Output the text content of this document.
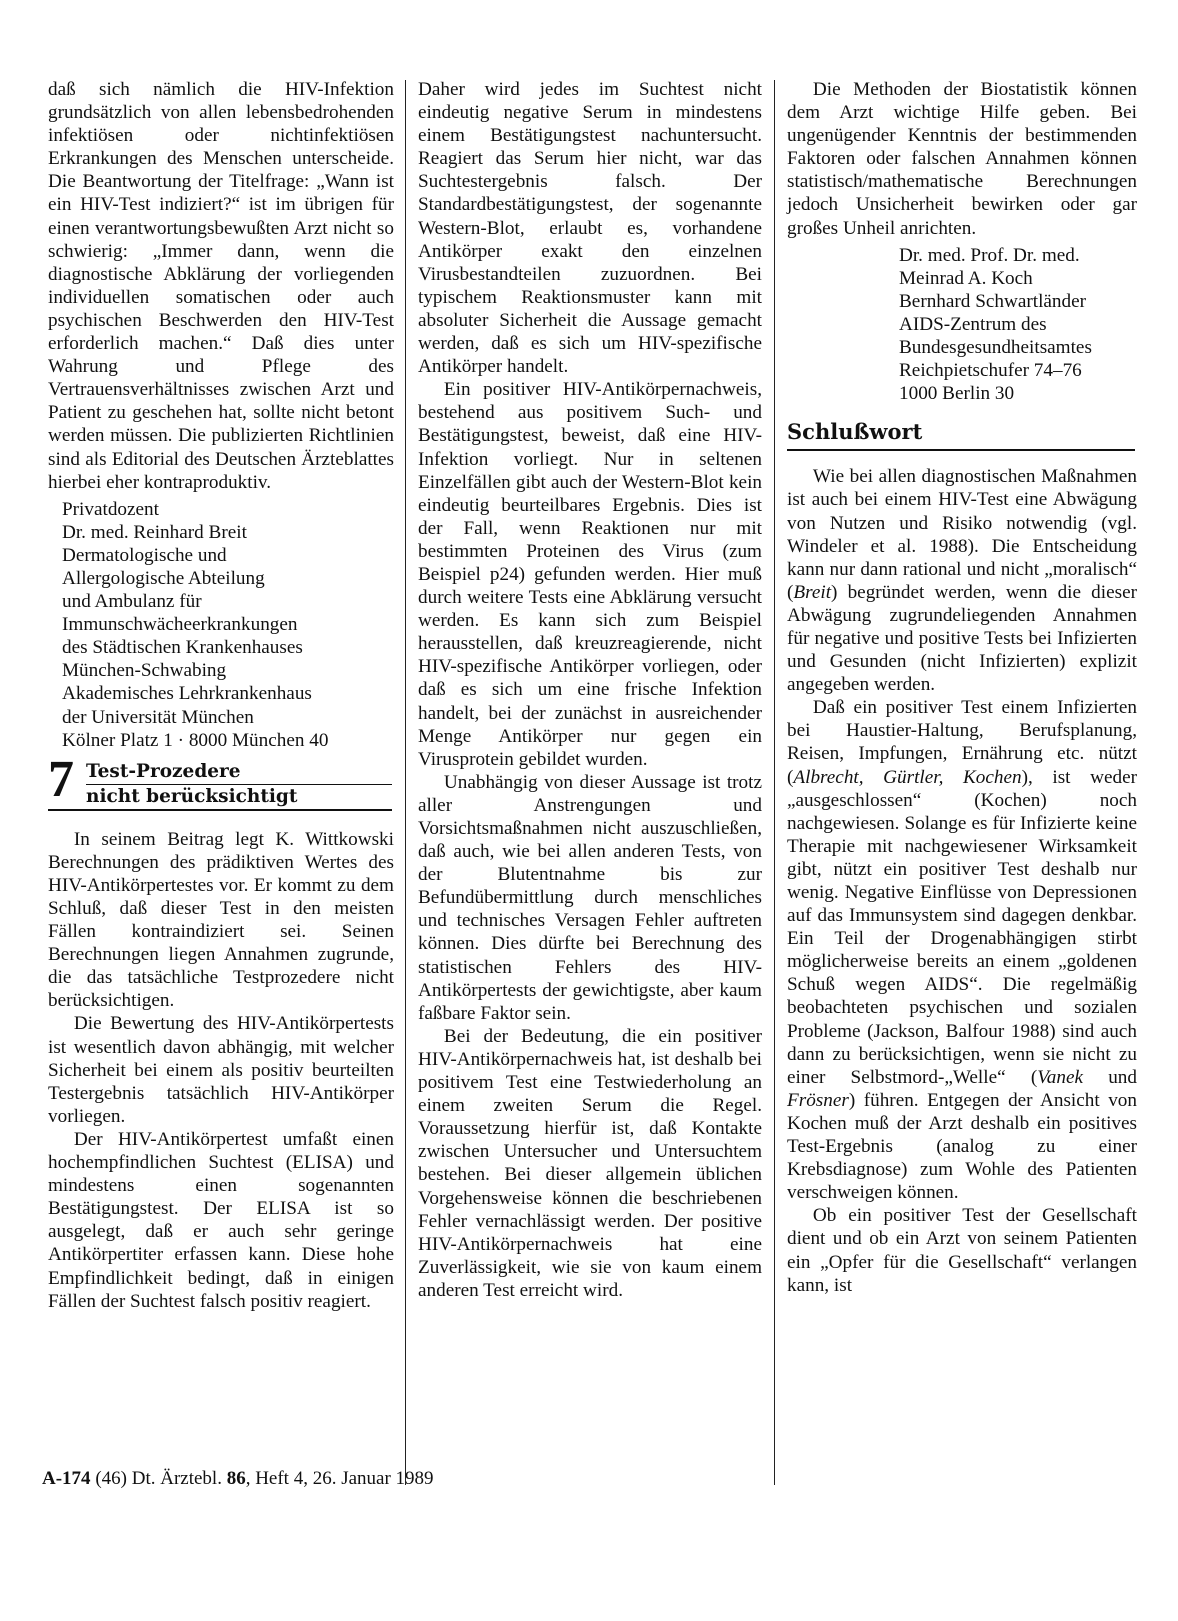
daß sich nämlich die HIV-Infektion grundsätzlich von allen lebensbedrohenden infektiösen oder nichtinfektiösen Erkrankungen des Menschen unterscheide. Die Beantwortung der Titelfrage: „Wann ist ein HIV-Test indiziert?“ ist im übrigen für einen verantwortungsbewußten Arzt nicht so schwierig: „Immer dann, wenn die diagnostische Abklärung der vorliegenden individuellen somatischen oder auch psychischen Beschwerden den HIV-Test erforderlich machen.“ Daß dies unter Wahrung und Pflege des Vertrauensverhältnisses zwischen Arzt und Patient zu geschehen hat, sollte nicht betont werden müssen. Die publizierten Richtlinien sind als Editorial des Deutschen Ärzteblattes hierbei eher kontraproduktiv.

Privatdozent
Dr. med. Reinhard Breit
Dermatologische und
Allergologische Abteilung
und Ambulanz für
Immunschwächeerkrankungen
des Städtischen Krankenhauses
München-Schwabing
Akademisches Lehrkrankenhaus
der Universität München
Kölner Platz 1 · 8000 München 40
7 Test-Prozedere
nicht berücksichtigt

In seinem Beitrag legt K. Wittkowski Berechnungen des prädiktiven Wertes des HIV-Antikörpertestes vor. Er kommt zu dem Schluß, daß dieser Test in den meisten Fällen kontraindiziert sei. Seinen Berechnungen liegen Annahmen zugrunde, die das tatsächliche Testprozedere nicht berücksichtigen.

Die Bewertung des HIV-Antikörpertests ist wesentlich davon abhängig, mit welcher Sicherheit bei einem als positiv beurteilten Testergebnis tatsächlich HIV-Antikörper vorliegen.

Der HIV-Antikörpertest umfaßt einen hochempfindlichen Suchtest (ELISA) und mindestens einen sogenannten Bestätigungstest. Der ELISA ist so ausgelegt, daß er auch sehr geringe Antikörpertiter erfassen kann. Diese hohe Empfindlichkeit bedingt, daß in einigen Fällen der Suchtest falsch positiv reagiert.

Daher wird jedes im Suchtest nicht eindeutig negative Serum in mindestens einem Bestätigungstest nachuntersucht. Reagiert das Serum hier nicht, war das Suchtestergebnis falsch. Der Standardbestätigungstest, der sogenannte Western-Blot, erlaubt es, vorhandene Antikörper exakt den einzelnen Virusbestandteilen zuzuordnen. Bei typischem Reaktionsmuster kann mit absoluter Sicherheit die Aussage gemacht werden, daß es sich um HIV-spezifische Antikörper handelt.

Ein positiver HIV-Antikörpernachweis, bestehend aus positivem Such- und Bestätigungstest, beweist, daß eine HIV-Infektion vorliegt. Nur in seltenen Einzelfällen gibt auch der Western-Blot kein eindeutig beurteilbares Ergebnis. Dies ist der Fall, wenn Reaktionen nur mit bestimmten Proteinen des Virus (zum Beispiel p24) gefunden werden. Hier muß durch weitere Tests eine Abklärung versucht werden. Es kann sich zum Beispiel herausstellen, daß kreuzreagierende, nicht HIV-spezifische Antikörper vorliegen, oder daß es sich um eine frische Infektion handelt, bei der zunächst in ausreichender Menge Antikörper nur gegen ein Virusprotein gebildet wurden.

Unabhängig von dieser Aussage ist trotz aller Anstrengungen und Vorsichtsmaßnahmen nicht auszuschließen, daß auch, wie bei allen anderen Tests, von der Blutentnahme bis zur Befundübermittlung durch menschliches und technisches Versagen Fehler auftreten können. Dies dürfte bei Berechnung des statistischen Fehlers des HIV-Antikörpertests der gewichtigste, aber kaum faßbare Faktor sein.

Bei der Bedeutung, die ein positiver HIV-Antikörpernachweis hat, ist deshalb bei positivem Test eine Testwiederholung an einem zweiten Serum die Regel. Voraussetzung hierfür ist, daß Kontakte zwischen Untersucher und Untersuchtem bestehen. Bei dieser allgemein üblichen Vorgehensweise können die beschriebenen Fehler vernachlässigt werden. Der positive HIV-Antikörpernachweis hat eine Zuverlässigkeit, wie sie von kaum einem anderen Test erreicht wird.

Die Methoden der Biostatistik können dem Arzt wichtige Hilfe geben. Bei ungenügender Kenntnis der bestimmenden Faktoren oder falschen Annahmen können statistisch/mathematische Berechnungen jedoch Unsicherheit bewirken oder gar großes Unheil anrichten.

Dr. med. Prof. Dr. med.
Meinrad A. Koch
Bernhard Schwartländer
AIDS-Zentrum des
Bundesgesundheitsamtes
Reichpietschufer 74–76
1000 Berlin 30
Schlußwort

Wie bei allen diagnostischen Maßnahmen ist auch bei einem HIV-Test eine Abwägung von Nutzen und Risiko notwendig (vgl. Windeler et al. 1988). Die Entscheidung kann nur dann rational und nicht „moralisch“ (Breit) begründet werden, wenn die dieser Abwägung zugrundeliegenden Annahmen für negative und positive Tests bei Infizierten und Gesunden (nicht Infizierten) explizit angegeben werden.

Daß ein positiver Test einem Infizierten bei Haustier-Haltung, Berufsplanung, Reisen, Impfungen, Ernährung etc. nützt (Albrecht, Gürtler, Kochen), ist weder „ausgeschlossen“ (Kochen) noch nachgewiesen. Solange es für Infizierte keine Therapie mit nachgewiesener Wirksamkeit gibt, nützt ein positiver Test deshalb nur wenig. Negative Einflüsse von Depressionen auf das Immunsystem sind dagegen denkbar. Ein Teil der Drogenabhängigen stirbt möglicherweise bereits an einem „goldenen Schuß wegen AIDS“. Die regelmäßig beobachteten psychischen und sozialen Probleme (Jackson, Balfour 1988) sind auch dann zu berücksichtigen, wenn sie nicht zu einer Selbstmord-„Welle“ (Vanek und Frösner) führen. Entgegen der Ansicht von Kochen muß der Arzt deshalb ein positives Test-Ergebnis (analog zu einer Krebsdiagnose) zum Wohle des Patienten verschweigen können.

Ob ein positiver Test der Gesellschaft dient und ob ein Arzt von seinem Patienten ein „Opfer für die Gesellschaft“ verlangen kann, ist

A-174 (46) Dt. Ärztebl. 86, Heft 4, 26. Januar 1989
